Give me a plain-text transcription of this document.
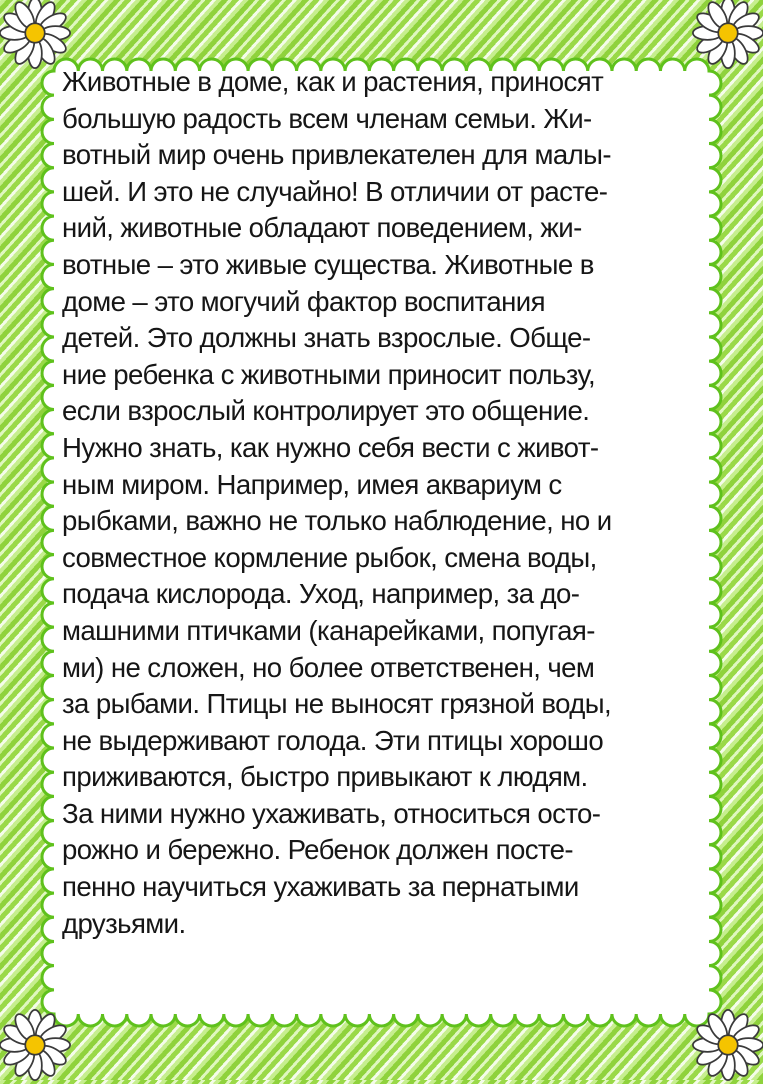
Животные в доме, как и растения, приносят
большую радость всем членам семьи. Жи-
вотный мир очень привлекателен для малы-
шей. И это не случайно! В отличии от расте-
ний, животные обладают поведением, жи-
вотные – это живые существа. Животные в
доме – это могучий фактор воспитания
детей. Это должны знать взрослые. Обще-
ние ребенка с животными приносит пользу,
если взрослый контролирует это общение.
Нужно знать, как нужно себя вести с живот-
ным миром. Например, имея аквариум с
рыбками, важно не только наблюдение, но и
совместное кормление рыбок, смена воды,
подача кислорода. Уход, например, за до-
машними птичками (канарейками, попугая-
ми) не сложен, но более ответственен, чем
за рыбами. Птицы не выносят грязной воды,
не выдерживают голода. Эти птицы хорошо
приживаются, быстро привыкают к людям.
За ними нужно ухаживать, относиться осто-
рожно и бережно. Ребенок должен посте-
пенно научиться ухаживать за пернатыми
друзьями.
